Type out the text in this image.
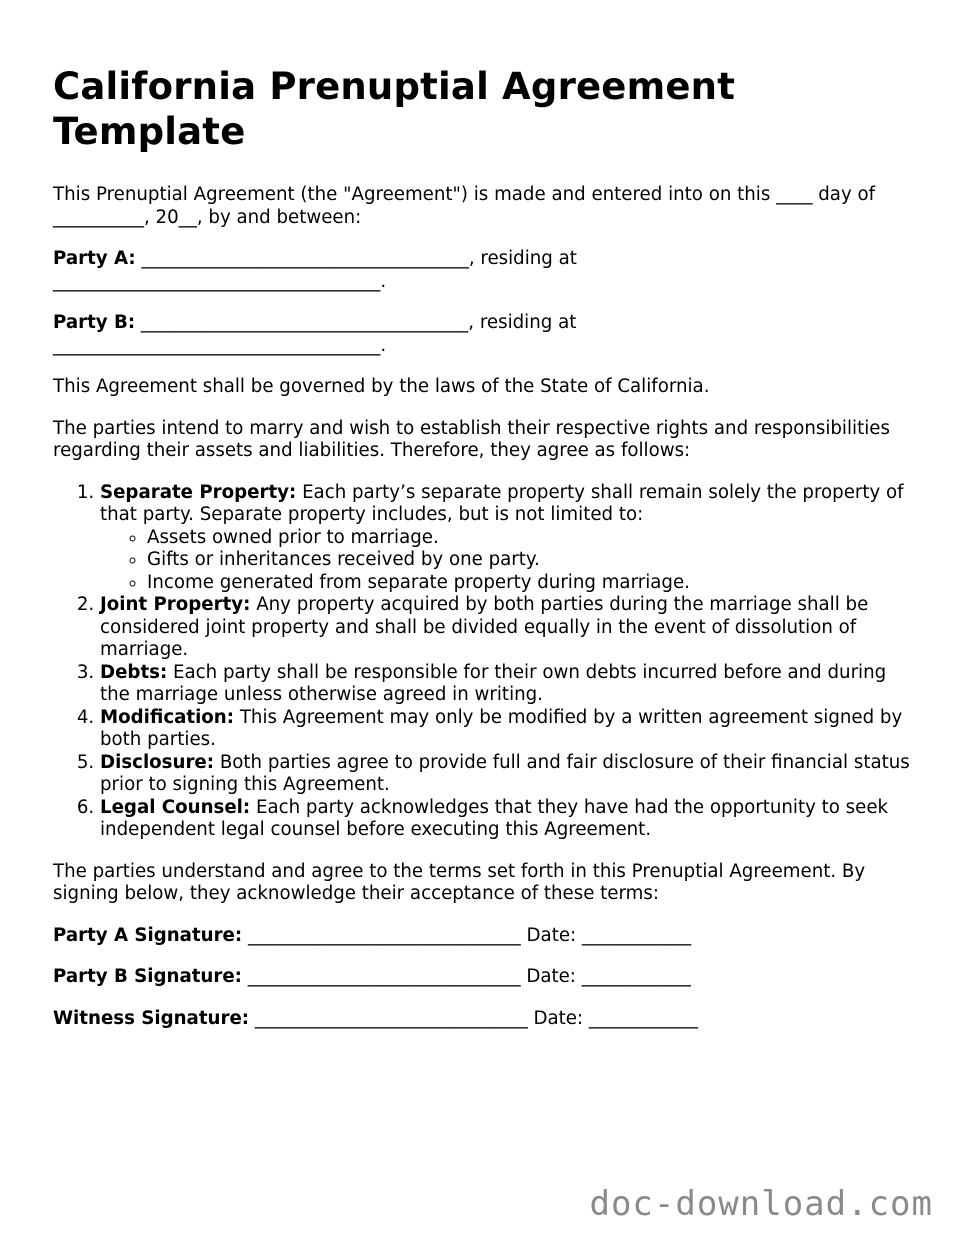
California Prenuptial Agreement Template

This Prenuptial Agreement (the "Agreement") is made and entered into on this ____ day of __________, 20__, by and between:

Party A: ____________________________________, residing at ____________________________________.

Party B: ____________________________________, residing at ____________________________________.

This Agreement shall be governed by the laws of the State of California.

The parties intend to marry and wish to establish their respective rights and responsibilities regarding their assets and liabilities. Therefore, they agree as follows:

1. Separate Property: Each party’s separate property shall remain solely the property of that party. Separate property includes, but is not limited to:
◦ Assets owned prior to marriage.
◦ Gifts or inheritances received by one party.
◦ Income generated from separate property during marriage.
2. Joint Property: Any property acquired by both parties during the marriage shall be considered joint property and shall be divided equally in the event of dissolution of marriage.
3. Debts: Each party shall be responsible for their own debts incurred before and during the marriage unless otherwise agreed in writing.
4. Modification: This Agreement may only be modified by a written agreement signed by both parties.
5. Disclosure: Both parties agree to provide full and fair disclosure of their financial status prior to signing this Agreement.
6. Legal Counsel: Each party acknowledges that they have had the opportunity to seek independent legal counsel before executing this Agreement.

The parties understand and agree to the terms set forth in this Prenuptial Agreement. By signing below, they acknowledge their acceptance of these terms:

Party A Signature: ______________________________ Date: ____________

Party B Signature: ______________________________ Date: ____________

Witness Signature: ______________________________ Date: ____________

doc-download.com
